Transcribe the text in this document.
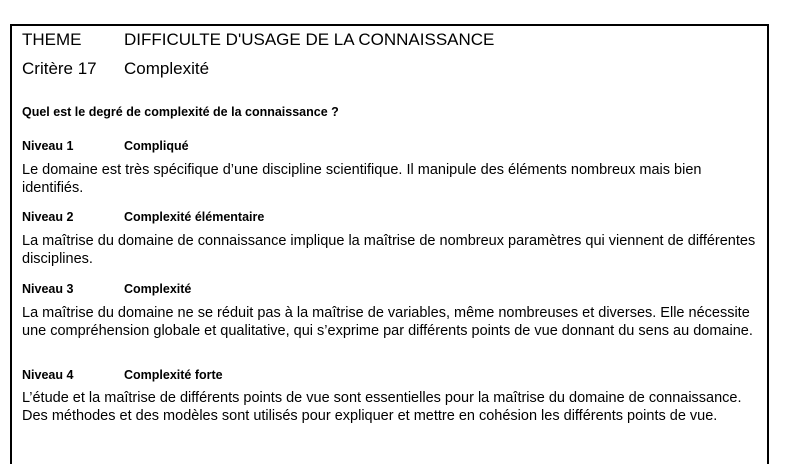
THEME	DIFFICULTE D'USAGE DE LA CONNAISSANCE
Critère 17 Complexité
Quel est le degré de complexité de la connaissance ?
Niveau 1	Compliqué
Le domaine est très spécifique d’une discipline scientifique. Il manipule des éléments nombreux mais bien identifiés.
Niveau 2	Complexité élémentaire
La maîtrise du domaine de connaissance implique la maîtrise de nombreux paramètres qui viennent de différentes disciplines.
Niveau 3	Complexité
La maîtrise du domaine ne se réduit pas à la maîtrise de variables, même nombreuses et diverses. Elle nécessite une compréhension globale et qualitative, qui s’exprime par différents points de vue donnant du sens au domaine.
Niveau 4	Complexité forte
L’étude et la maîtrise de différents points de vue sont essentielles pour la maîtrise du domaine de connaissance. Des méthodes et des modèles sont utilisés pour expliquer et mettre en cohésion les différents points de vue.
